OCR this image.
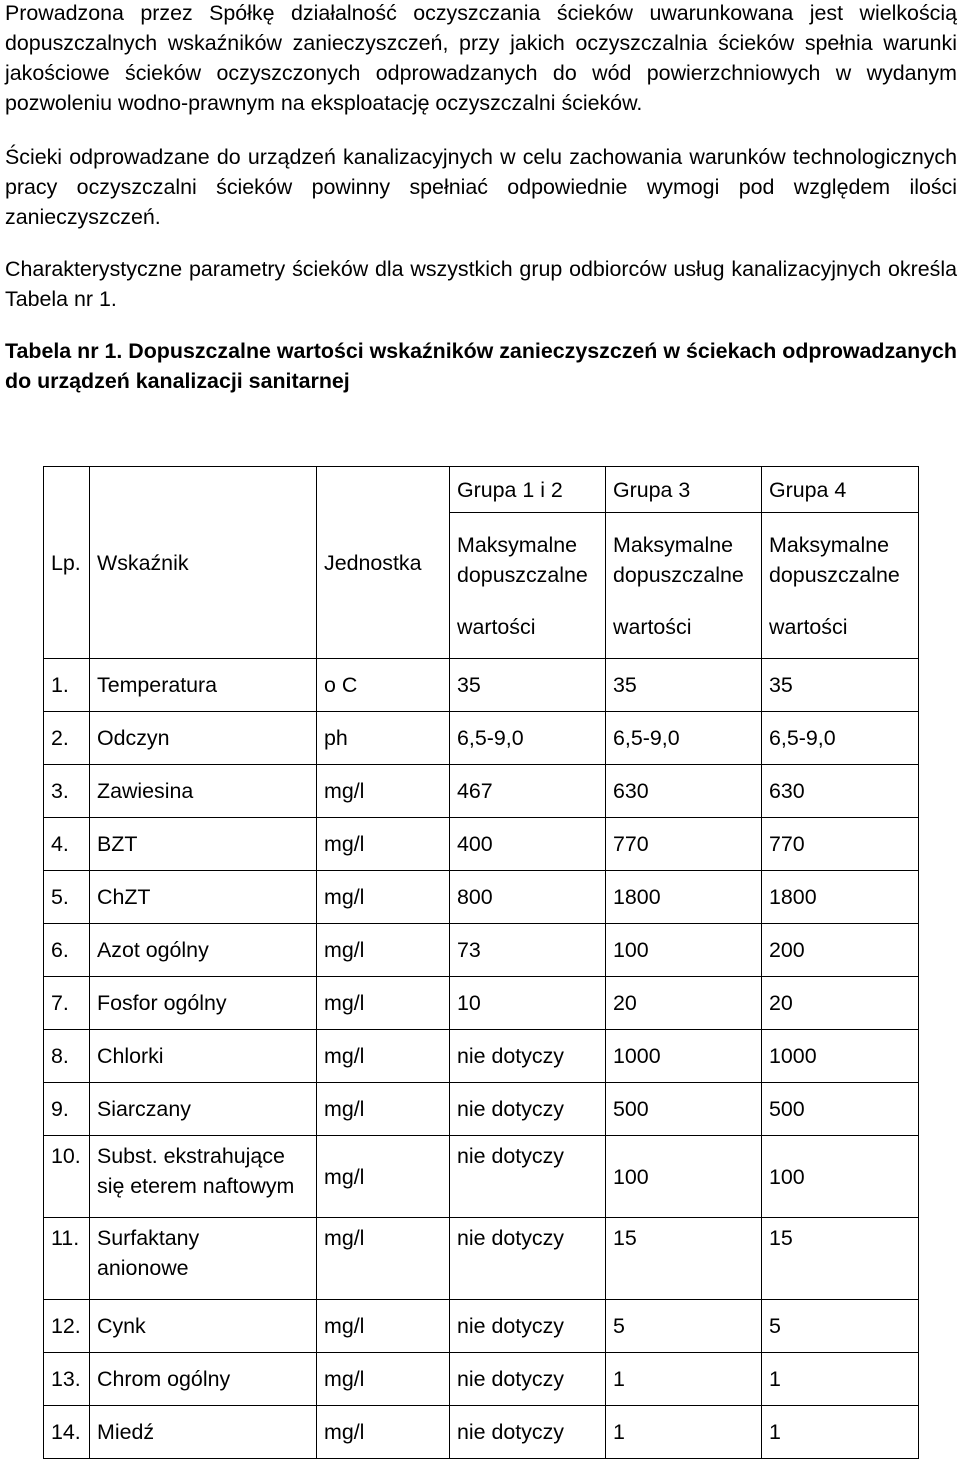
Prowadzona przez Spółkę działalność oczyszczania ścieków uwarunkowana jest wielkością dopuszczalnych wskaźników zanieczyszczeń, przy jakich oczyszczalnia ścieków spełnia warunki jakościowe ścieków oczyszczonych odprowadzanych do wód powierzchniowych w wydanym pozwoleniu wodno-prawnym na eksploatację oczyszczalni ścieków.

Ścieki odprowadzane do urządzeń kanalizacyjnych w celu zachowania warunków technologicznych pracy oczyszczalni ścieków powinny spełniać odpowiednie wymogi pod względem ilości zanieczyszczeń.

Charakterystyczne parametry ścieków dla wszystkich grup odbiorców usług kanalizacyjnych określa Tabela nr 1.

Tabela nr 1. Dopuszczalne wartości wskaźników zanieczyszczeń w ściekach odprowadzanych do urządzeń kanalizacji sanitarnej

Lp.	Wskaźnik	Jednostka	Grupa 1 i 2	Grupa 3	Grupa 4

			Maksymalne
dopuszczalne
wartości	Maksymalne
dopuszczalne
wartości	Maksymalne
dopuszczalne
wartości

1.	Temperatura	o C	35	35	35
2.	Odczyn	ph	6,5-9,0	6,5-9,0	6,5-9,0
3.	Zawiesina	mg/l	467	630	630
4.	BZT	mg/l	400	770	770
5.	ChZT	mg/l	800	1800	1800
6.	Azot ogólny	mg/l	73	100	200
7.	Fosfor ogólny	mg/l	10	20	20
8.	Chlorki	mg/l	nie dotyczy	1000	1000
9.	Siarczany	mg/l	nie dotyczy	500	500
10.	Subst. ekstrahujące
się eterem naftowym	mg/l	nie dotyczy	100	100
11.	Surfaktany
anionowe	mg/l	nie dotyczy	15	15
12.	Cynk	mg/l	nie dotyczy	5	5
13.	Chrom ogólny	mg/l	nie dotyczy	1	1
14.	Miedź	mg/l	nie dotyczy	1	1
